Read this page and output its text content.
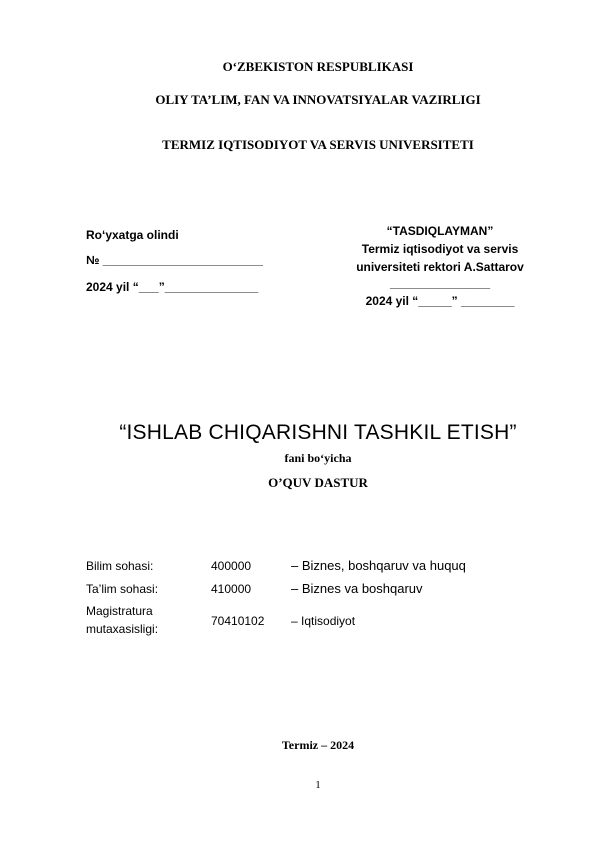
O‘ZBEKISTON RESPUBLIKASI
OLIY TA’LIM, FAN VA INNOVATSIYALAR VAZIRLIGI
TERMIZ IQTISODIYOT VA SERVIS UNIVERSITETI
Ro‘yxatga olindi
№ ________________________
2024 yil “___”______________
“TASDIQLAYMAN”
Termiz iqtisodiyot va servis
universiteti rektori A.Sattarov
_______________
2024 yil “_____” ________
“ISHLAB CHIQARISHNI TASHKIL ETISH”
fani bo‘yicha
O’QUV DASTUR
Bilim sohasi:	400000	– Biznes, boshqaruv va huquq
Ta’lim sohasi:	410000	– Biznes va boshqaruv
Magistratura
mutaxasisligi:
70410102 – Iqtisodiyot
Termiz – 2024
1
